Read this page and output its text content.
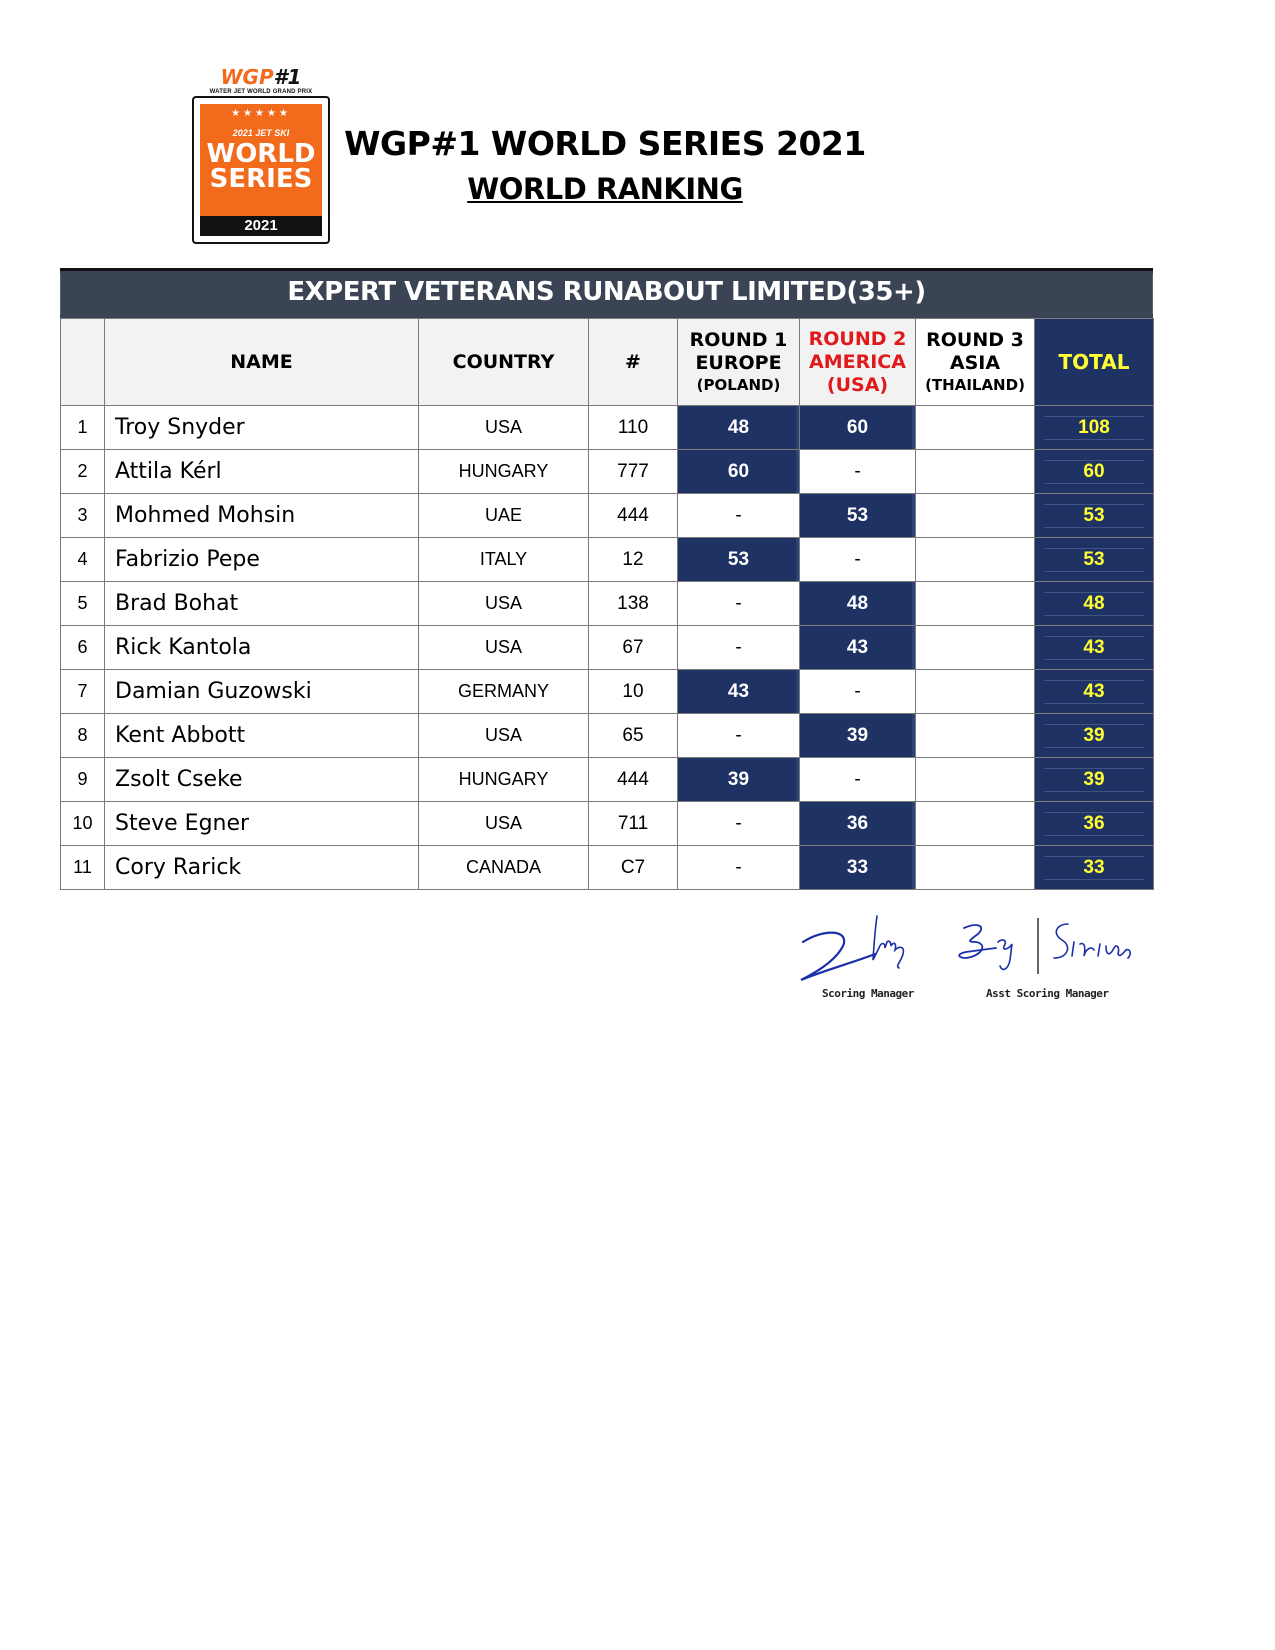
WGP#1
WATER JET WORLD GRAND PRIX
★★★★★
2021 JET SKI
WORLD
SERIES
2021
WGP#1 WORLD SERIES 2021
WORLD RANKING
EXPERT VETERANS RUNABOUT LIMITED(35+)
	NAME	COUNTRY	#	ROUND 1
EUROPE
(POLAND)	ROUND 2
AMERICA
(USA)	ROUND 3
ASIA
(THAILAND)	TOTAL
1	Troy Snyder	USA	110	48	60		108
2	Attila Kérl	HUNGARY	777	60	-		60
3	Mohmed Mohsin	UAE	444	-	53		53
4	Fabrizio Pepe	ITALY	12	53	-		53
5	Brad Bohat	USA	138	-	48		48
6	Rick Kantola	USA	67	-	43		43
7	Damian Guzowski	GERMANY	10	43	-		43
8	Kent Abbott	USA	65	-	39		39
9	Zsolt Cseke	HUNGARY	444	39	-		39
10	Steve Egner	USA	711	-	36		36
11	Cory Rarick	CANADA	C7	-	33		33
Scoring Manager	Asst Scoring Manager
